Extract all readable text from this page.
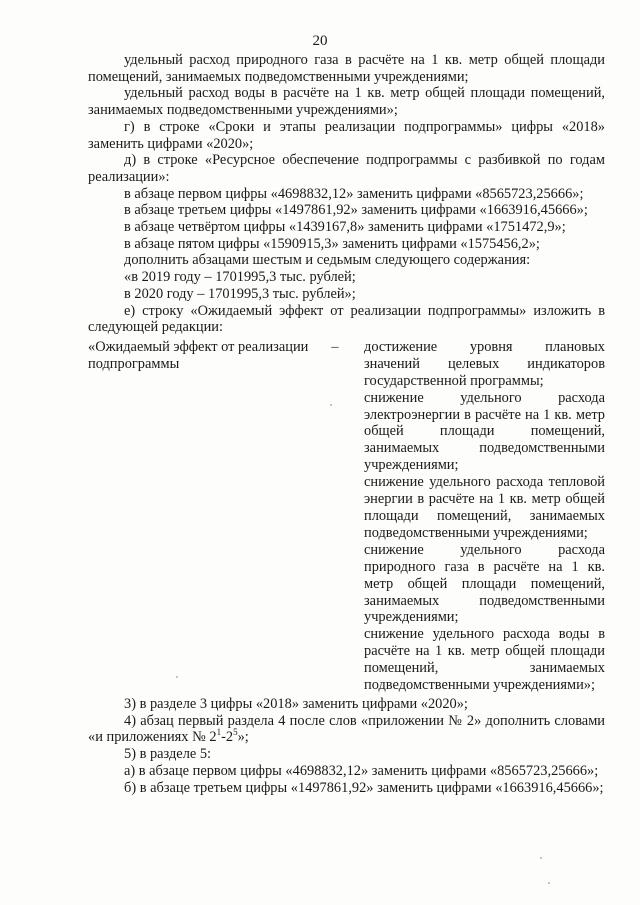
20

удельный расход природного газа в расчёте на 1 кв. метр общей площади помещений, занимаемых подведомственными учреждениями;

удельный расход воды в расчёте на 1 кв. метр общей площади помещений, занимаемых подведомственными учреждениями»;

г) в строке «Сроки и этапы реализации подпрограммы» цифры «2018» заменить цифрами «2020»;

д) в строке «Ресурсное обеспечение подпрограммы с разбивкой по годам реализации»:

в абзаце первом цифры «4698832,12» заменить цифрами «8565723,25666»;

в абзаце третьем цифры «1497861,92» заменить цифрами «1663916,45666»;

в абзаце четвёртом цифры «1439167,8» заменить цифрами «1751472,9»;

в абзаце пятом цифры «1590915,3» заменить цифрами «1575456,2»;

дополнить абзацами шестым и седьмым следующего содержания:

«в 2019 году – 1701995,3 тыс. рублей;

в 2020 году – 1701995,3 тыс. рублей»;

е) строку «Ожидаемый эффект от реализации подпрограммы» изложить в следующей редакции:

«Ожидаемый эффект от реализации подпрограммы
–	достижение уровня плановых значений целевых индикаторов государственной программы;

снижение удельного расхода электроэнергии в расчёте на 1 кв. метр общей площади помещений, занимаемых подведомственными учреждениями;

снижение удельного расхода тепловой энергии в расчёте на 1 кв. метр общей площади помещений, занимаемых подведомственными учреждениями;

снижение удельного расхода природного газа в расчёте на 1 кв. метр общей площади помещений, занимаемых подведомственными учреждениями;

снижение удельного расхода воды в расчёте на 1 кв. метр общей площади помещений, занимаемых подведомственными учреждениями»;

3) в разделе 3 цифры «2018» заменить цифрами «2020»;

4) абзац первый раздела 4 после слов «приложении № 2» дополнить словами «и приложениях № $2^1-2^5$»;

5) в разделе 5:

а) в абзаце первом цифры «4698832,12» заменить цифрами «8565723,25666»;

б) в абзаце третьем цифры «1497861,92» заменить цифрами «1663916,45666»;
